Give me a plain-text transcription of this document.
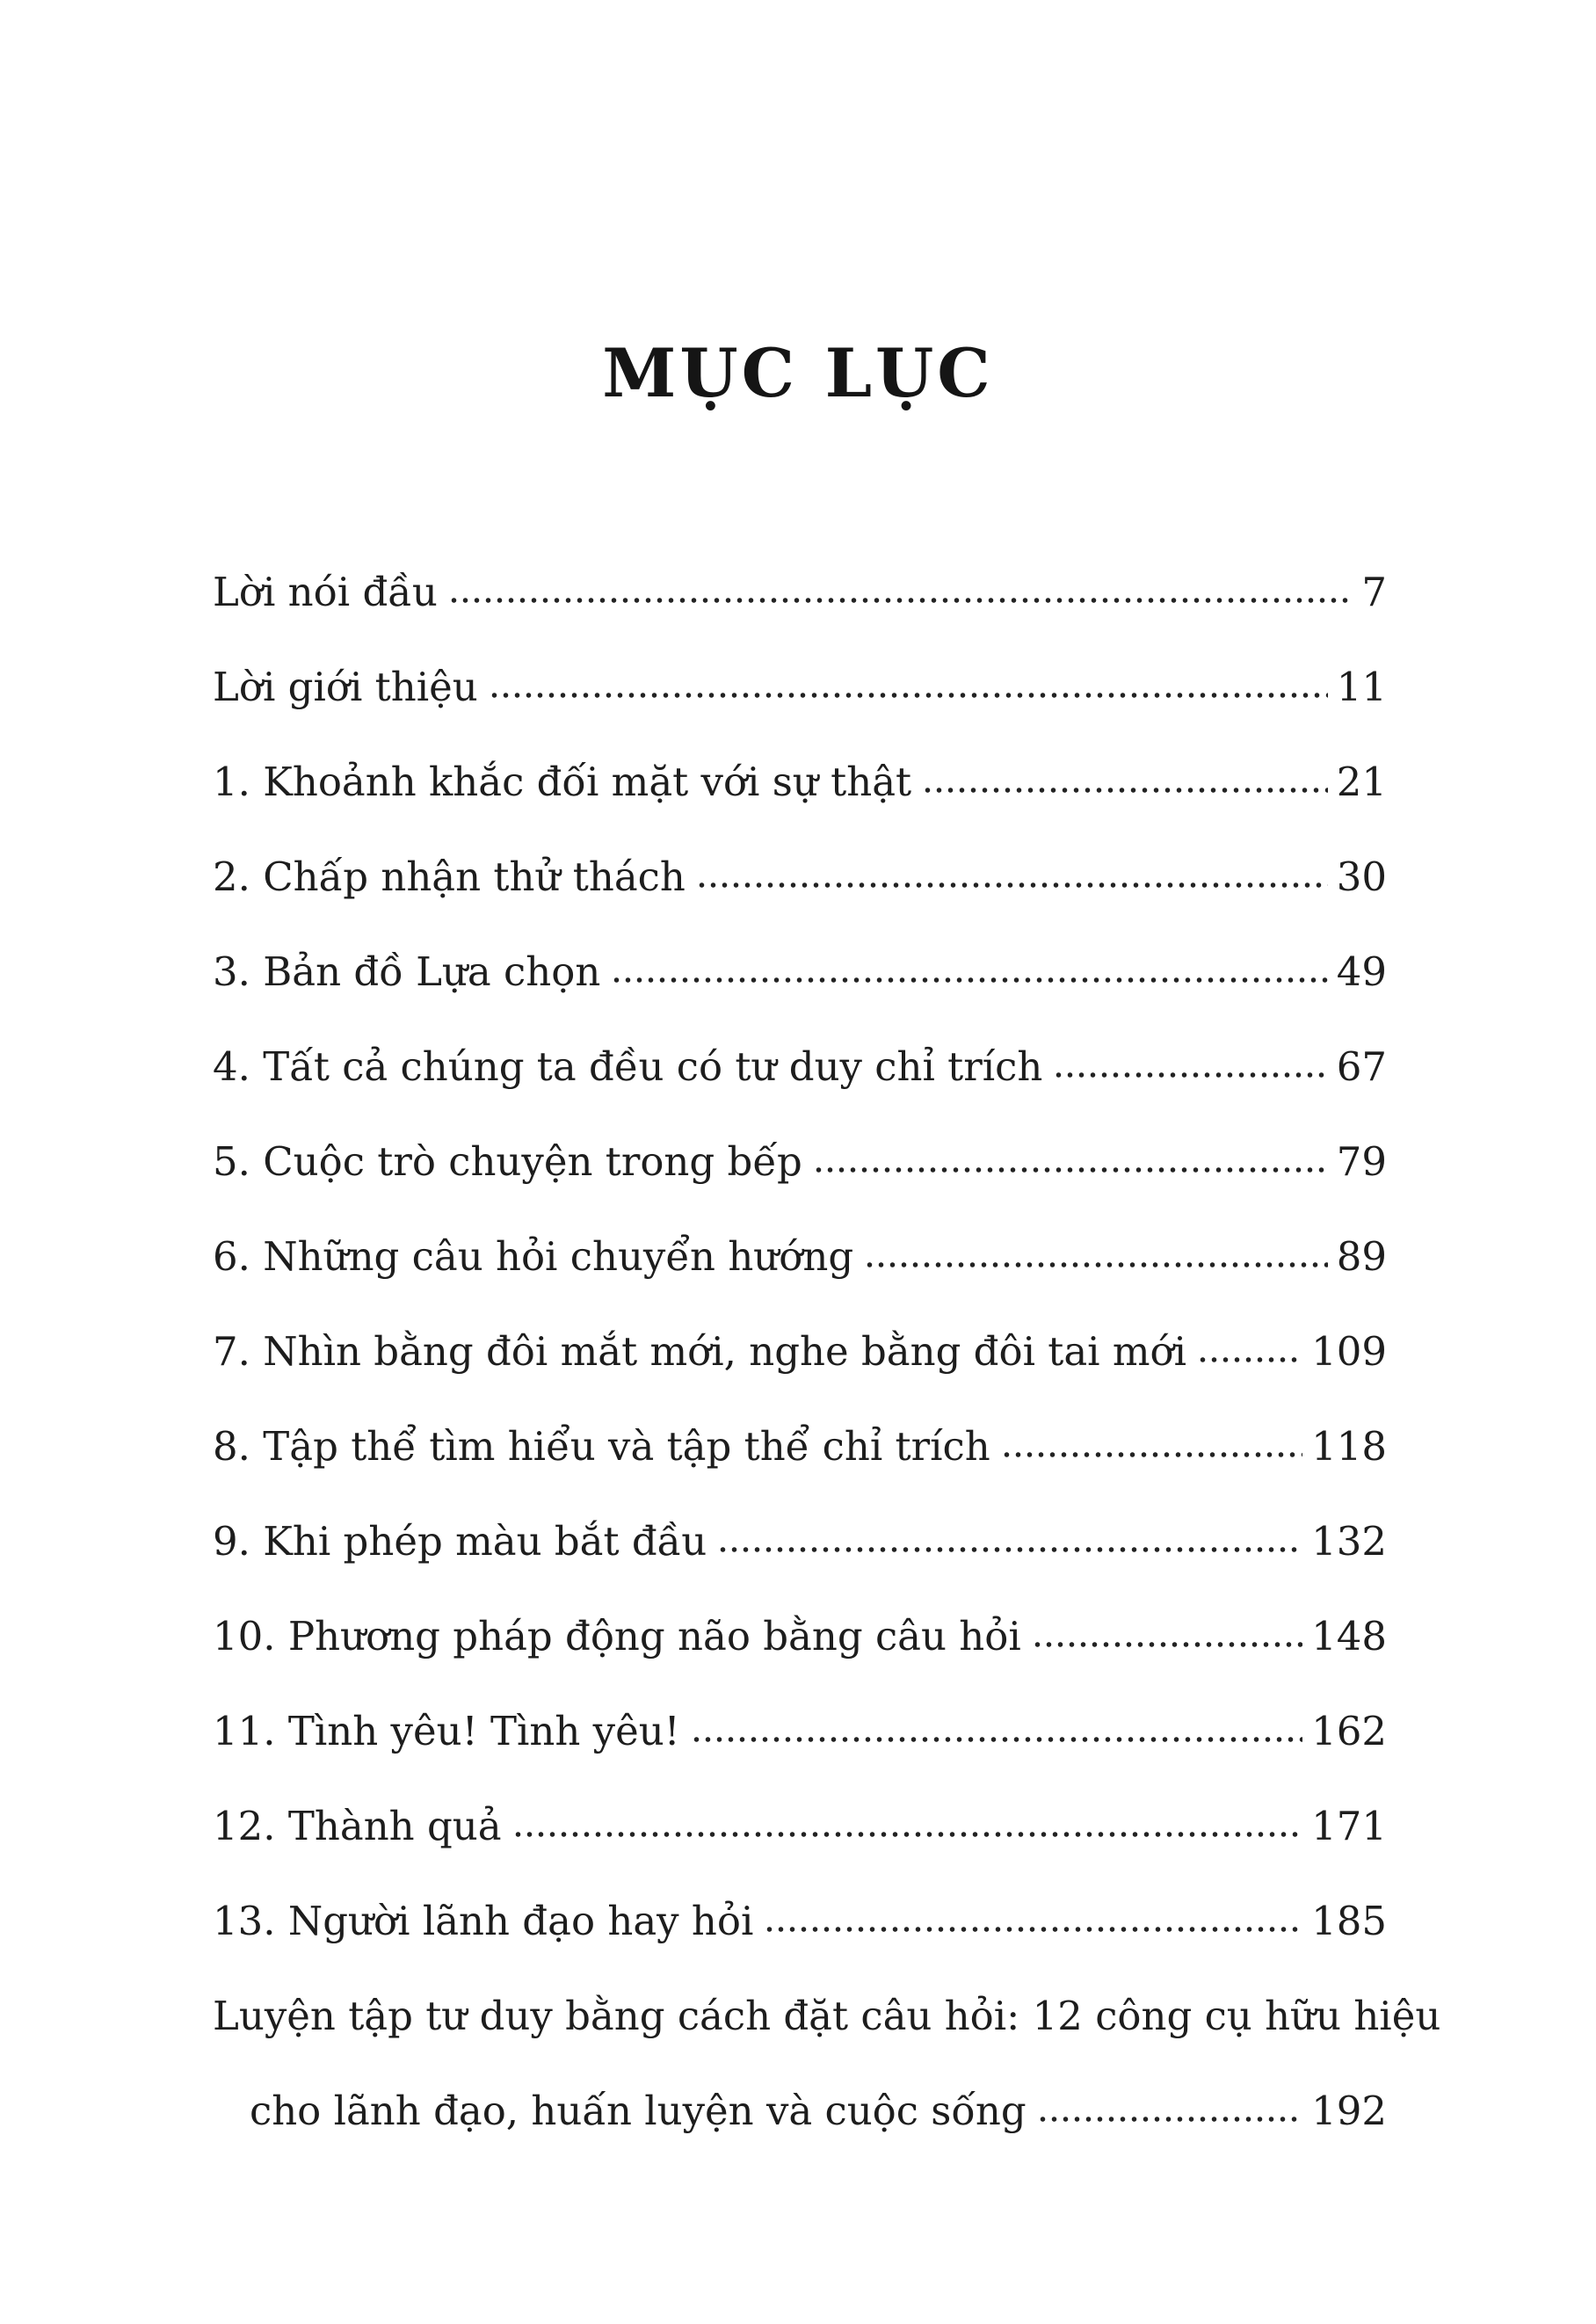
MỤC LỤC
Lời nói đầu	7
Lời giới thiệu	11
1. Khoảnh khắc đối mặt với sự thật	21
2. Chấp nhận thử thách	30
3. Bản đồ Lựa chọn	49
4. Tất cả chúng ta đều có tư duy chỉ trích	67
5. Cuộc trò chuyện trong bếp	79
6. Những câu hỏi chuyển hướng	89
7. Nhìn bằng đôi mắt mới, nghe bằng đôi tai mới	109
8. Tập thể tìm hiểu và tập thể chỉ trích	118
9. Khi phép màu bắt đầu	132
10. Phương pháp động não bằng câu hỏi	148
11. Tình yêu! Tình yêu!	162
12. Thành quả	171
13. Người lãnh đạo hay hỏi	185
Luyện tập tư duy bằng cách đặt câu hỏi: 12 công cụ hữu hiệu
cho lãnh đạo, huấn luyện và cuộc sống	192
